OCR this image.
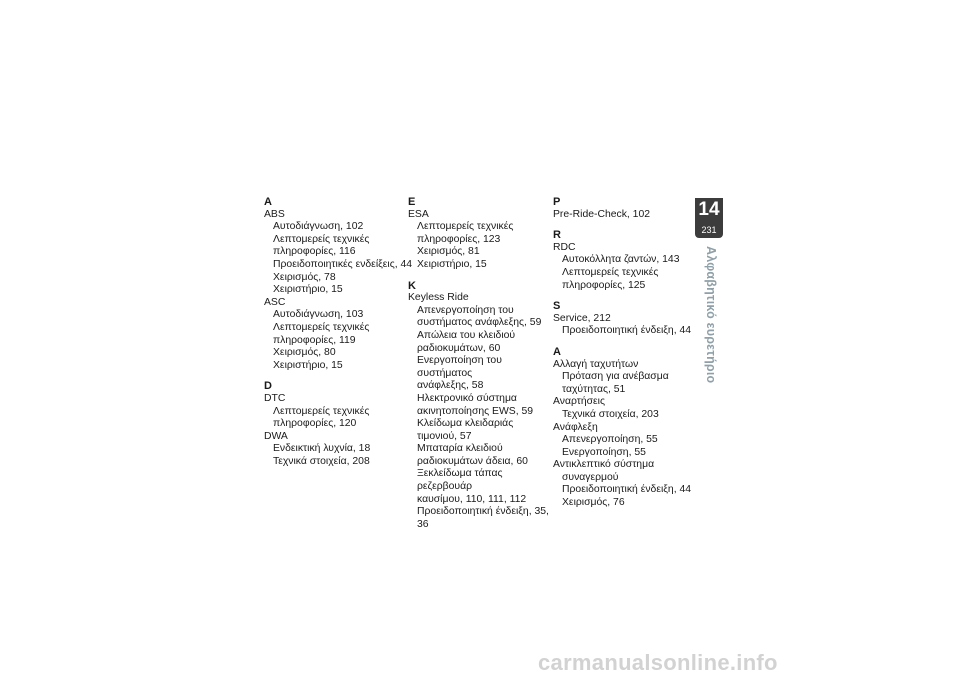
A
ABS
Αυτοδιάγνωση, 102
Λεπτομερείς τεχνικές
πληροφορίες, 116
Προειδοποιητικές ενδείξεις, 44
Χειρισμός, 78
Χειριστήριο, 15
ASC
Αυτοδιάγνωση, 103
Λεπτομερείς τεχνικές
πληροφορίες, 119
Χειρισμός, 80
Χειριστήριο, 15
D
DTC
Λεπτομερείς τεχνικές
πληροφορίες, 120
DWA
Ενδεικτική λυχνία, 18
Τεχνικά στοιχεία, 208
E
ESA
Λεπτομερείς τεχνικές
πληροφορίες, 123
Χειρισμός, 81
Χειριστήριο, 15
K
Keyless Ride
Απενεργοποίηση του
συστήματος ανάφλεξης, 59
Απώλεια του κλειδιού
ραδιοκυμάτων, 60
Ενεργοποίηση του συστήματος
ανάφλεξης, 58
Ηλεκτρονικό σύστημα
ακινητοποίησης EWS, 59
Κλείδωμα κλειδαριάς
τιμονιού, 57
Μπαταρία κλειδιού
ραδιοκυμάτων άδεια, 60
Ξεκλείδωμα τάπας ρεζερβουάρ
καυσίμου, 110, 111, 112
Προειδοποιητική ένδειξη, 35,
36
P
Pre-Ride-Check, 102
R
RDC
Αυτοκόλλητα ζαντών, 143
Λεπτομερείς τεχνικές
πληροφορίες, 125
S
Service, 212
Προειδοποιητική ένδειξη, 44
Α
Αλλαγή ταχυτήτων
Πρόταση για ανέβασμα
ταχύτητας, 51
Αναρτήσεις
Τεχνικά στοιχεία, 203
Ανάφλεξη
Απενεργοποίηση, 55
Ενεργοποίηση, 55
Αντικλεπτικό σύστημα
συναγερμού
Προειδοποιητική ένδειξη, 44
Χειρισμός, 76
14
231
Αλφαβητικό ευρετήριο
carmanualsonline.info
